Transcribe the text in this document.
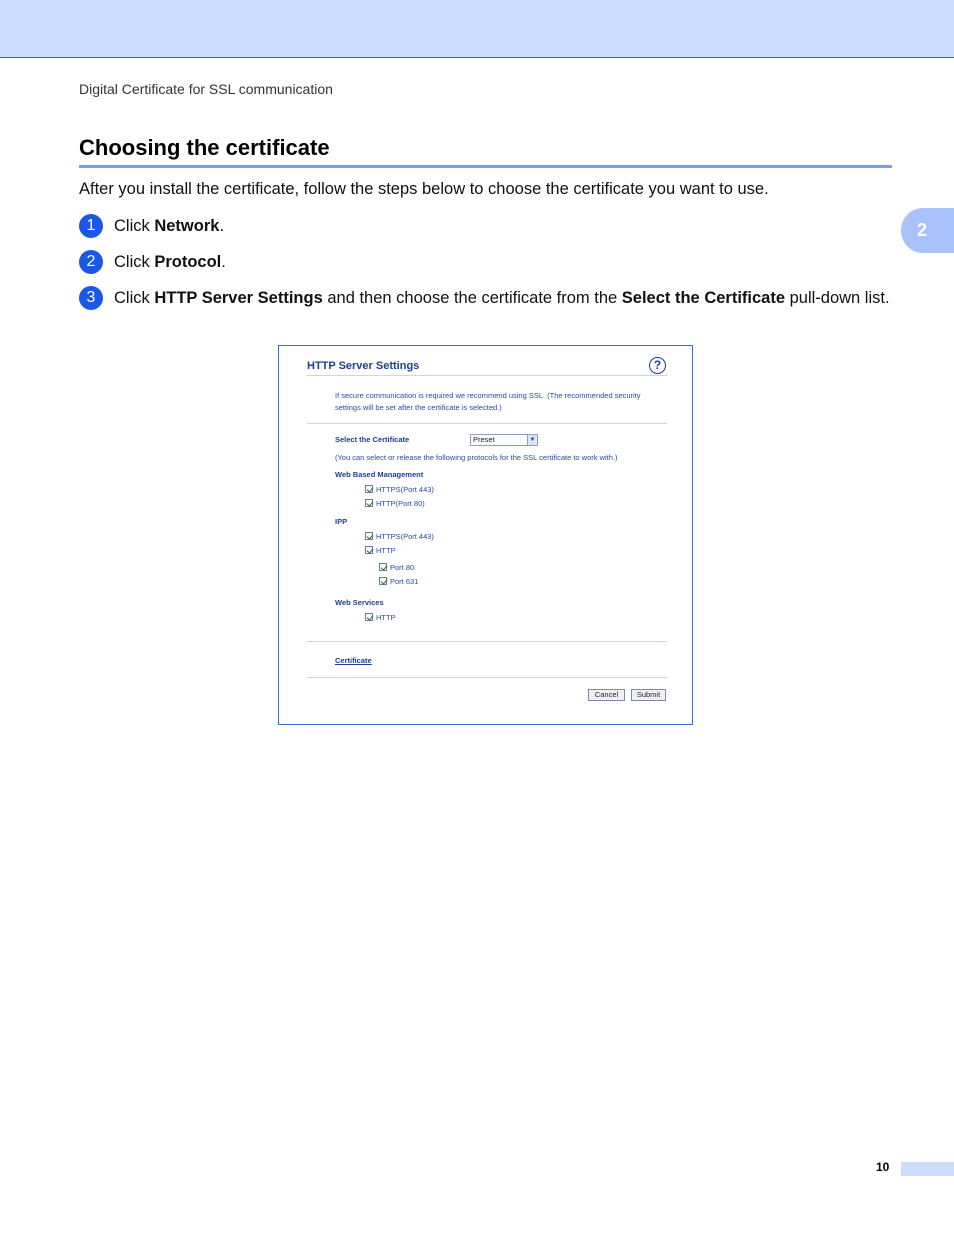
Digital Certificate for SSL communication
Choosing the certificate
After you install the certificate, follow the steps below to choose the certificate you want to use.
2
1	Click Network.
2	Click Protocol.
3	Click HTTP Server Settings and then choose the certificate from the Select the Certificate pull-down list.
HTTP Server Settings	?
If secure communication is required we recommend using SSL. (The recommended security settings will be set after the certificate is selected.)
Select the Certificate	Preset	▼
(You can select or release the following protocols for the SSL certificate to work with.)
Web Based Management
HTTPS(Port 443)
HTTP(Port 80)
IPP
HTTPS(Port 443)
HTTP
Port 80
Port 631
Web Services
HTTP
Certificate
Cancel	Submit
10
